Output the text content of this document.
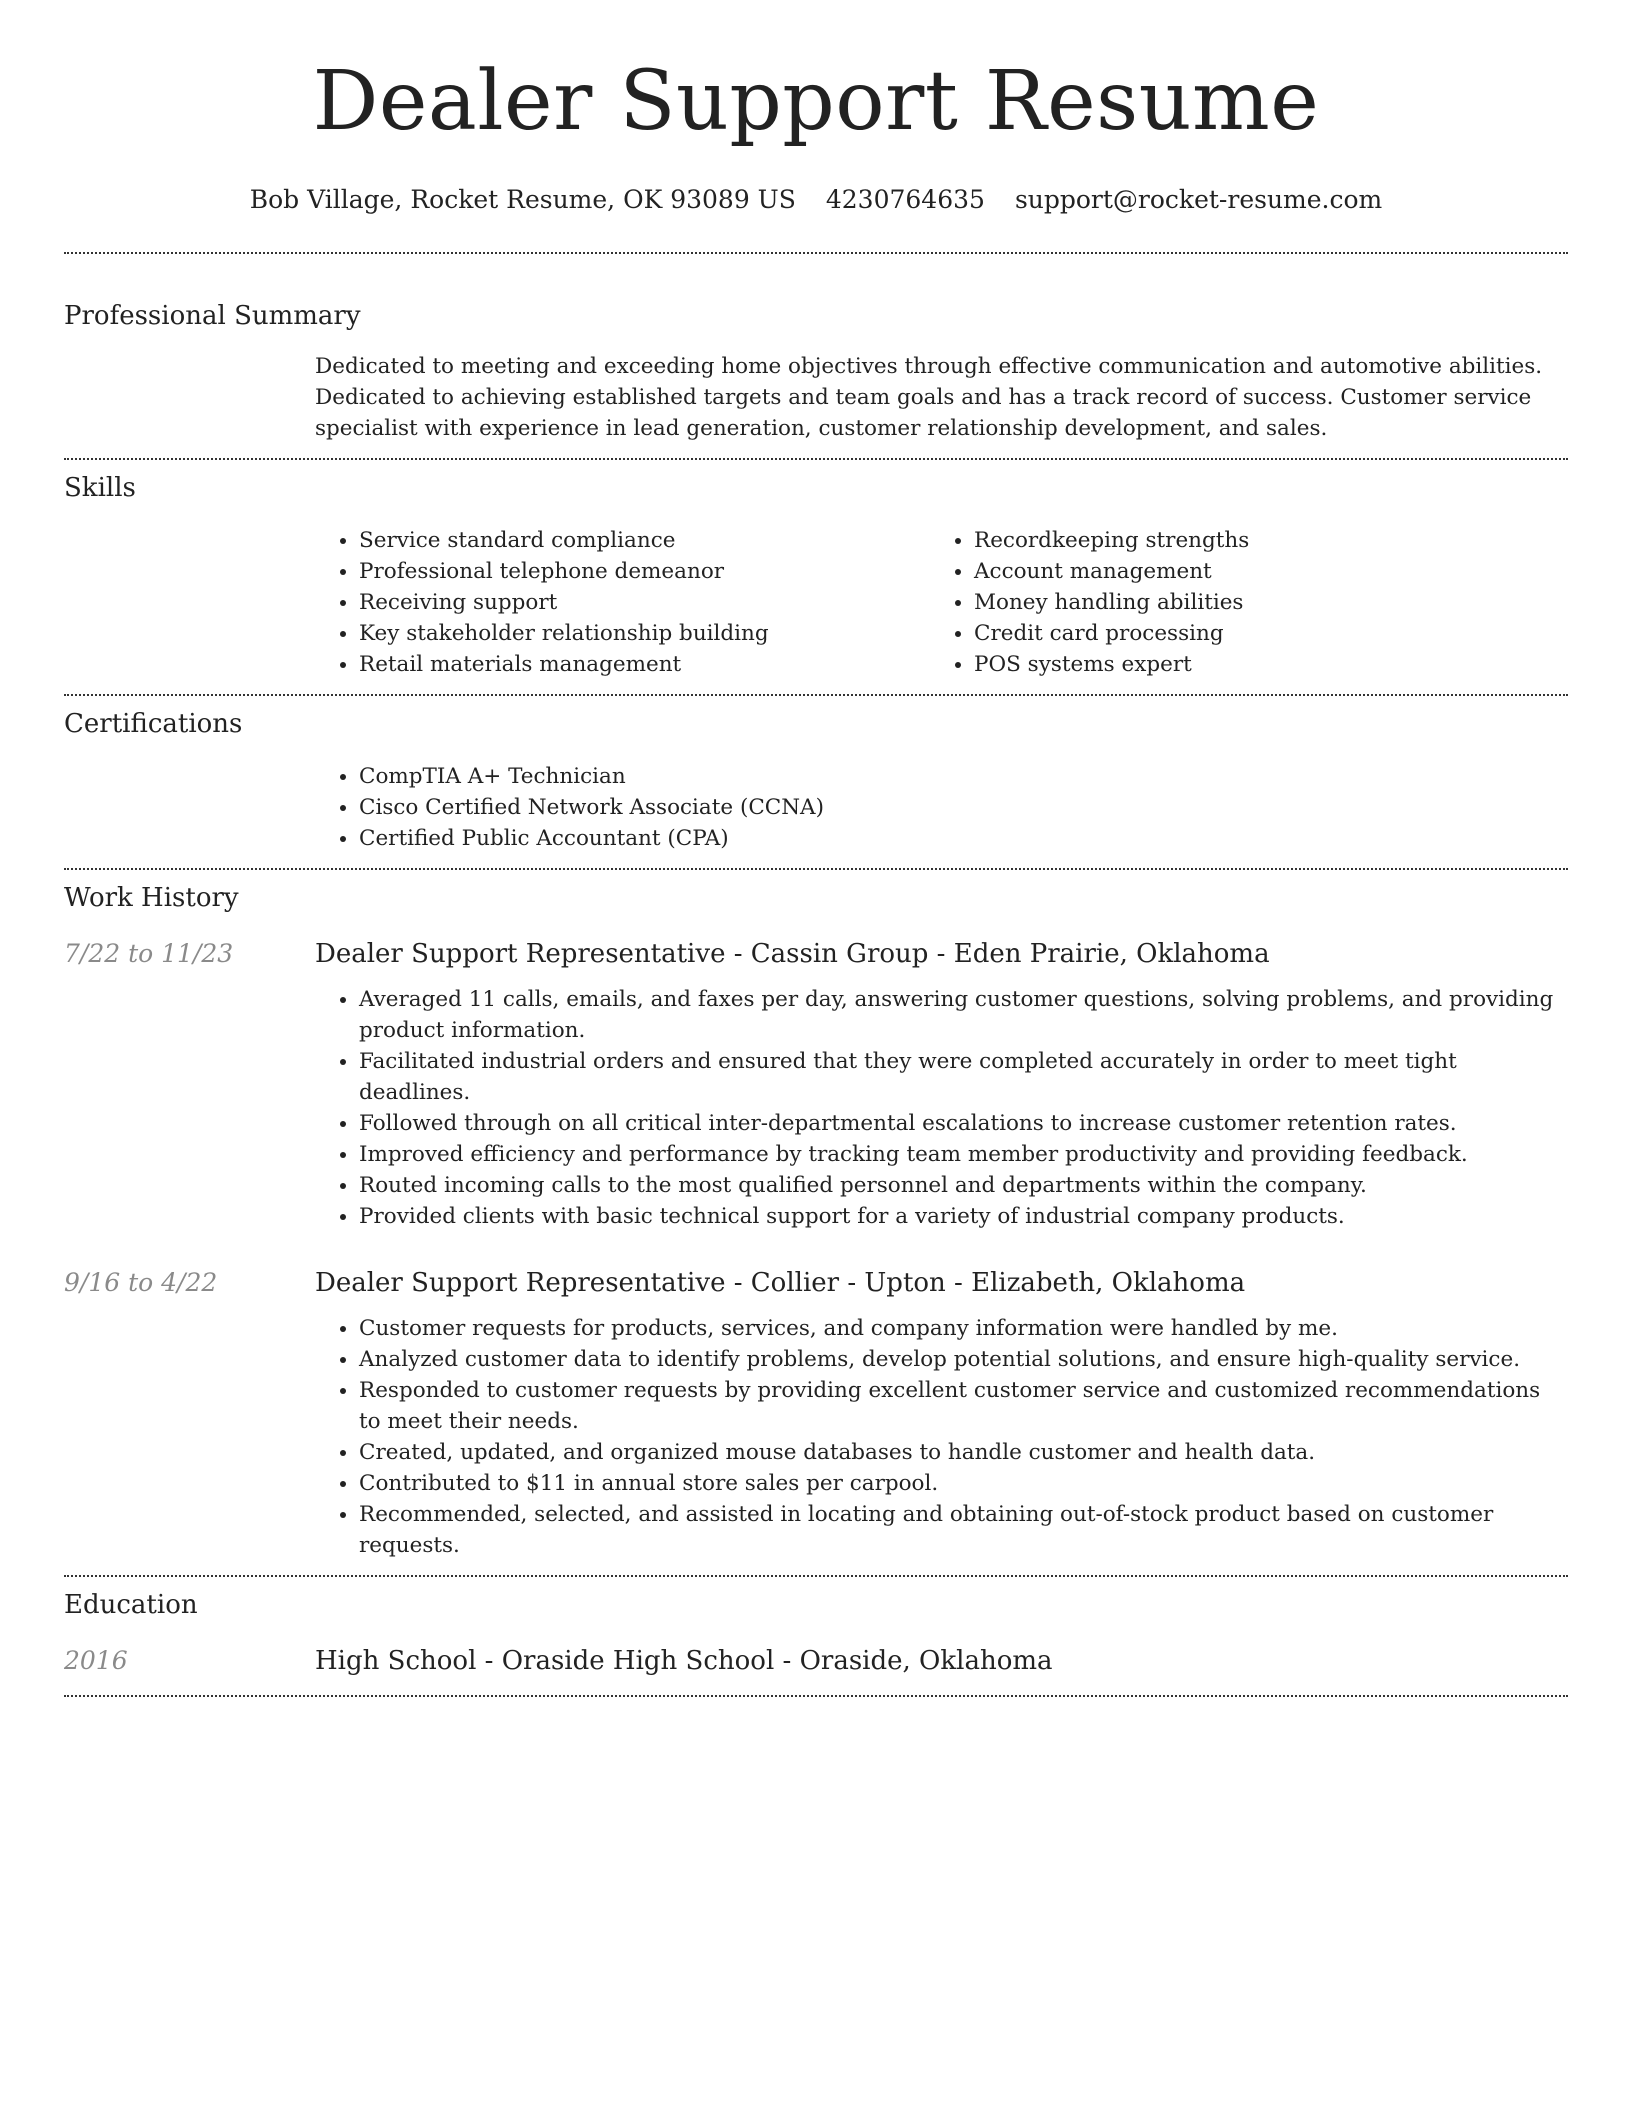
Dealer Support Resume
Bob Village, Rocket Resume, OK 93089 US 4230764635 support@rocket-resume.com
Professional Summary
Dedicated to meeting and exceeding home objectives through effective communication and automotive abilities. Dedicated to achieving established targets and team goals and has a track record of success. Customer service specialist with experience in lead generation, customer relationship development, and sales.
Skills
• Service standard compliance
• Professional telephone demeanor
• Receiving support
• Key stakeholder relationship building
• Retail materials management
• Recordkeeping strengths
• Account management
• Money handling abilities
• Credit card processing
• POS systems expert
Certifications
• CompTIA A+ Technician
• Cisco Certified Network Associate (CCNA)
• Certified Public Accountant (CPA)
Work History
7/22 to 11/23	Dealer Support Representative - Cassin Group - Eden Prairie, Oklahoma
• Averaged 11 calls, emails, and faxes per day, answering customer questions, solving problems, and providing product information.
• Facilitated industrial orders and ensured that they were completed accurately in order to meet tight deadlines.
• Followed through on all critical inter-departmental escalations to increase customer retention rates.
• Improved efficiency and performance by tracking team member productivity and providing feedback.
• Routed incoming calls to the most qualified personnel and departments within the company.
• Provided clients with basic technical support for a variety of industrial company products.
9/16 to 4/22	Dealer Support Representative - Collier - Upton - Elizabeth, Oklahoma
• Customer requests for products, services, and company information were handled by me.
• Analyzed customer data to identify problems, develop potential solutions, and ensure high-quality service.
• Responded to customer requests by providing excellent customer service and customized recommendations to meet their needs.
• Created, updated, and organized mouse databases to handle customer and health data.
• Contributed to $11 in annual store sales per carpool.
• Recommended, selected, and assisted in locating and obtaining out-of-stock product based on customer requests.
Education
2016	High School - Oraside High School - Oraside, Oklahoma
